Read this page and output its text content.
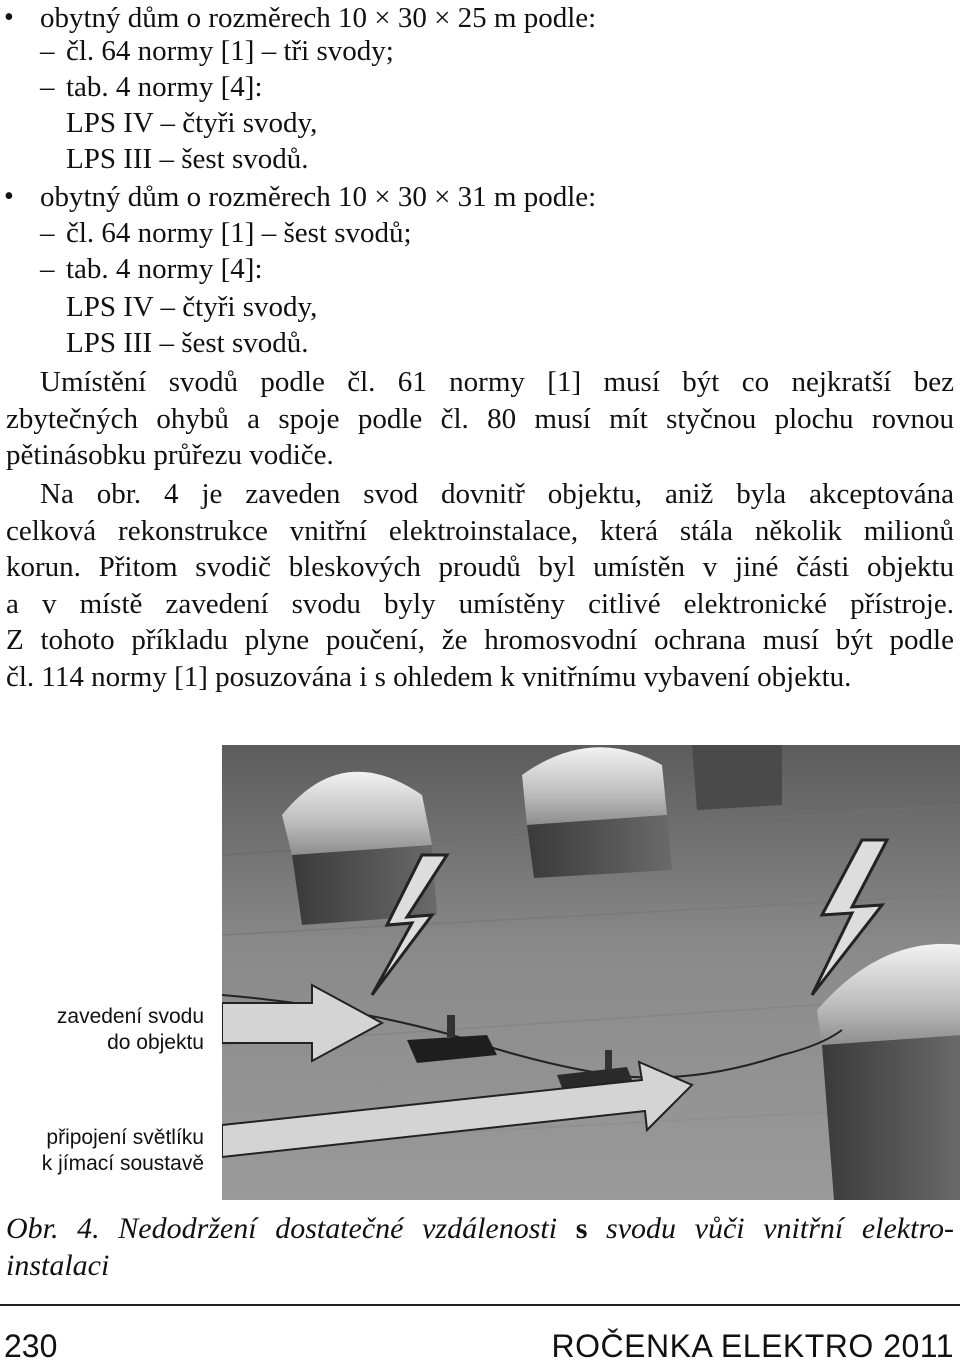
• obytný dům o rozměrech 10 × 30 × 25 m podle:
– čl. 64 normy [1] – tři svody;
– tab. 4 normy [4]:
LPS IV – čtyři svody,
LPS III – šest svodů.
• obytný dům o rozměrech 10 × 30 × 31 m podle:
– čl. 64 normy [1] – šest svodů;
– tab. 4 normy [4]:
LPS IV – čtyři svody,
LPS III – šest svodů.
Umístění svodů podle čl. 61 normy [1] musí být co nejkratší bez
zbytečných ohybů a spoje podle čl. 80 musí mít styčnou plochu rovnou
pětinásobku průřezu vodiče.
Na obr. 4 je zaveden svod dovnitř objektu, aniž byla akceptována
celková rekonstrukce vnitřní elektroinstalace, která stála několik milionů
korun. Přitom svodič bleskových proudů byl umístěn v jiné části objektu
a v místě zavedení svodu byly umístěny citlivé elektronické přístroje.
Z tohoto příkladu plyne poučení, že hromosvodní ochrana musí být podle
čl. 114 normy [1] posuzována i s ohledem k vnitřnímu vybavení objektu.
zavedení svodu
do objektu
připojení světlíku
k jímací soustavě
Obr. 4. Nedodržení dostatečné vzdálenosti s svodu vůči vnitřní elektro-
instalaci
230	ROČENKA ELEKTRO 2011
